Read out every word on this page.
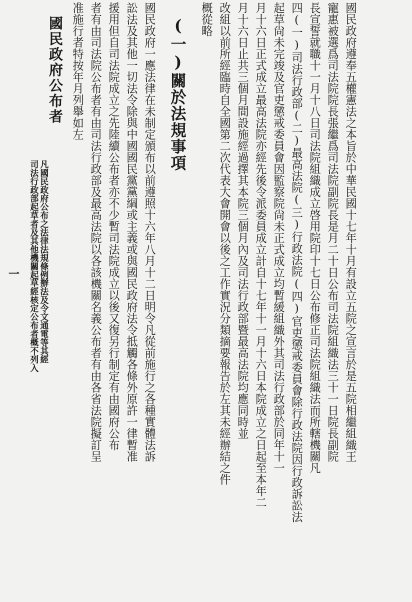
國民政府遵奉五權憲法之本旨於中華民國十七年十月有設立五院之宣言於是五院相繼組織王
寵惠被選爲司法院院長張繼爲司法院副院長是月二十日公布司法院組織法三十一日院長副院
長宣誓就職十一月十八日司法院組織成立啓用院印十七日公布修正司法院組織法而所轄機關凡
四(一)司法行政部(二)最高法院(三)行政法院(四)官吏懲戒委員會除行政法院因行政訴訟法
起草尙未完竣及官吏懲戒委員會因監察院尙未正式成立均暫緩組織外其司法行政部於同年十一
月十六日正式成立最高法院亦經先後令派委員成立計自十七年十一月十六日本院成立之日起至本年二
月十六日止共三個月間設施經過擇其本院三個月內及司法行政部暨最高法院均應同時並
改組以前所經臨時自全國第二次代表大會開會以後之工作實況分類摘要報告於左其未經辦結之件
概從略
(一)關於法規事項
國民政府一應法律在未制定頒布以前遵照十六年八月十二日明令凡從前施行之各種實體法訴
訟法及其他一切法令除與中國國民黨黨綱或主義或與國民政府法令抵觸各條外原許一律暫准
援用但自司法院成立之先陸續公布者亦不少暫司法院成立以後又復另行制定有由國府公布
者有由司法院公布者有由司法行政部及最高法院以各該機關名義公布者有由各省法院擬訂呈
准施行者特按年月列舉如左
國民政府公布者
凡國民政府公布之法律法規條例辦法及令文通電等其經
司法行政部起草者及其他機關起草經核定公布者概不列入
一
